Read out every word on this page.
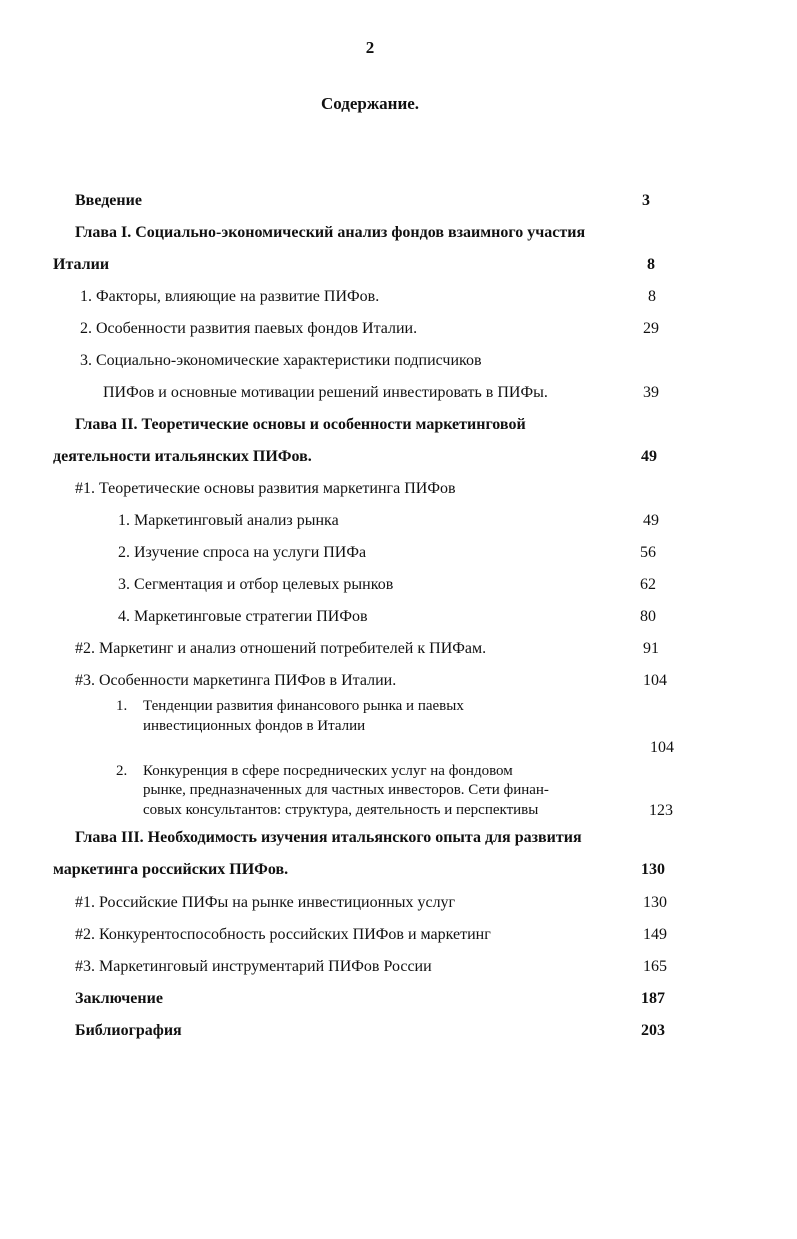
2
Содержание.
Введение	3
Глава I. Социально-экономический анализ фондов взаимного участия
Италии	8
1. Факторы, влияющие на развитие ПИФов.	8
2. Особенности развития паевых фондов Италии.	29
3. Социально-экономические характеристики подписчиков
ПИФов и основные мотивации решений инвестировать в ПИФы.	39
Глава II. Теоретические основы и особенности маркетинговой
деятельности итальянских ПИФов.	49
#1. Теоретические основы развития маркетинга ПИФов
1. Маркетинговый анализ рынка	49
2. Изучение спроса на услуги ПИФа	56
3. Сегментация и отбор целевых рынков	62
4. Маркетинговые стратегии ПИФов	80
#2. Маркетинг и анализ отношений потребителей к ПИФам.	91
#3. Особенности маркетинга ПИФов в Италии.	104
1. Тенденции развития финансового рынка и паевых
инвестиционных фондов в Италии
104
2. Конкуренция в сфере посреднических услуг на фондовом
рынке, предназначенных для частных инвесторов. Сети финан-
совых консультантов: структура, деятельность и перспективы	123
Глава III. Необходимость изучения итальянского опыта для развития
маркетинга российских ПИФов.	130
#1. Российские ПИФы на рынке инвестиционных услуг	130
#2. Конкурентоспособность российских ПИФов и маркетинг	149
#3. Маркетинговый инструментарий ПИФов России	165
Заключение	187
Библиография	203
